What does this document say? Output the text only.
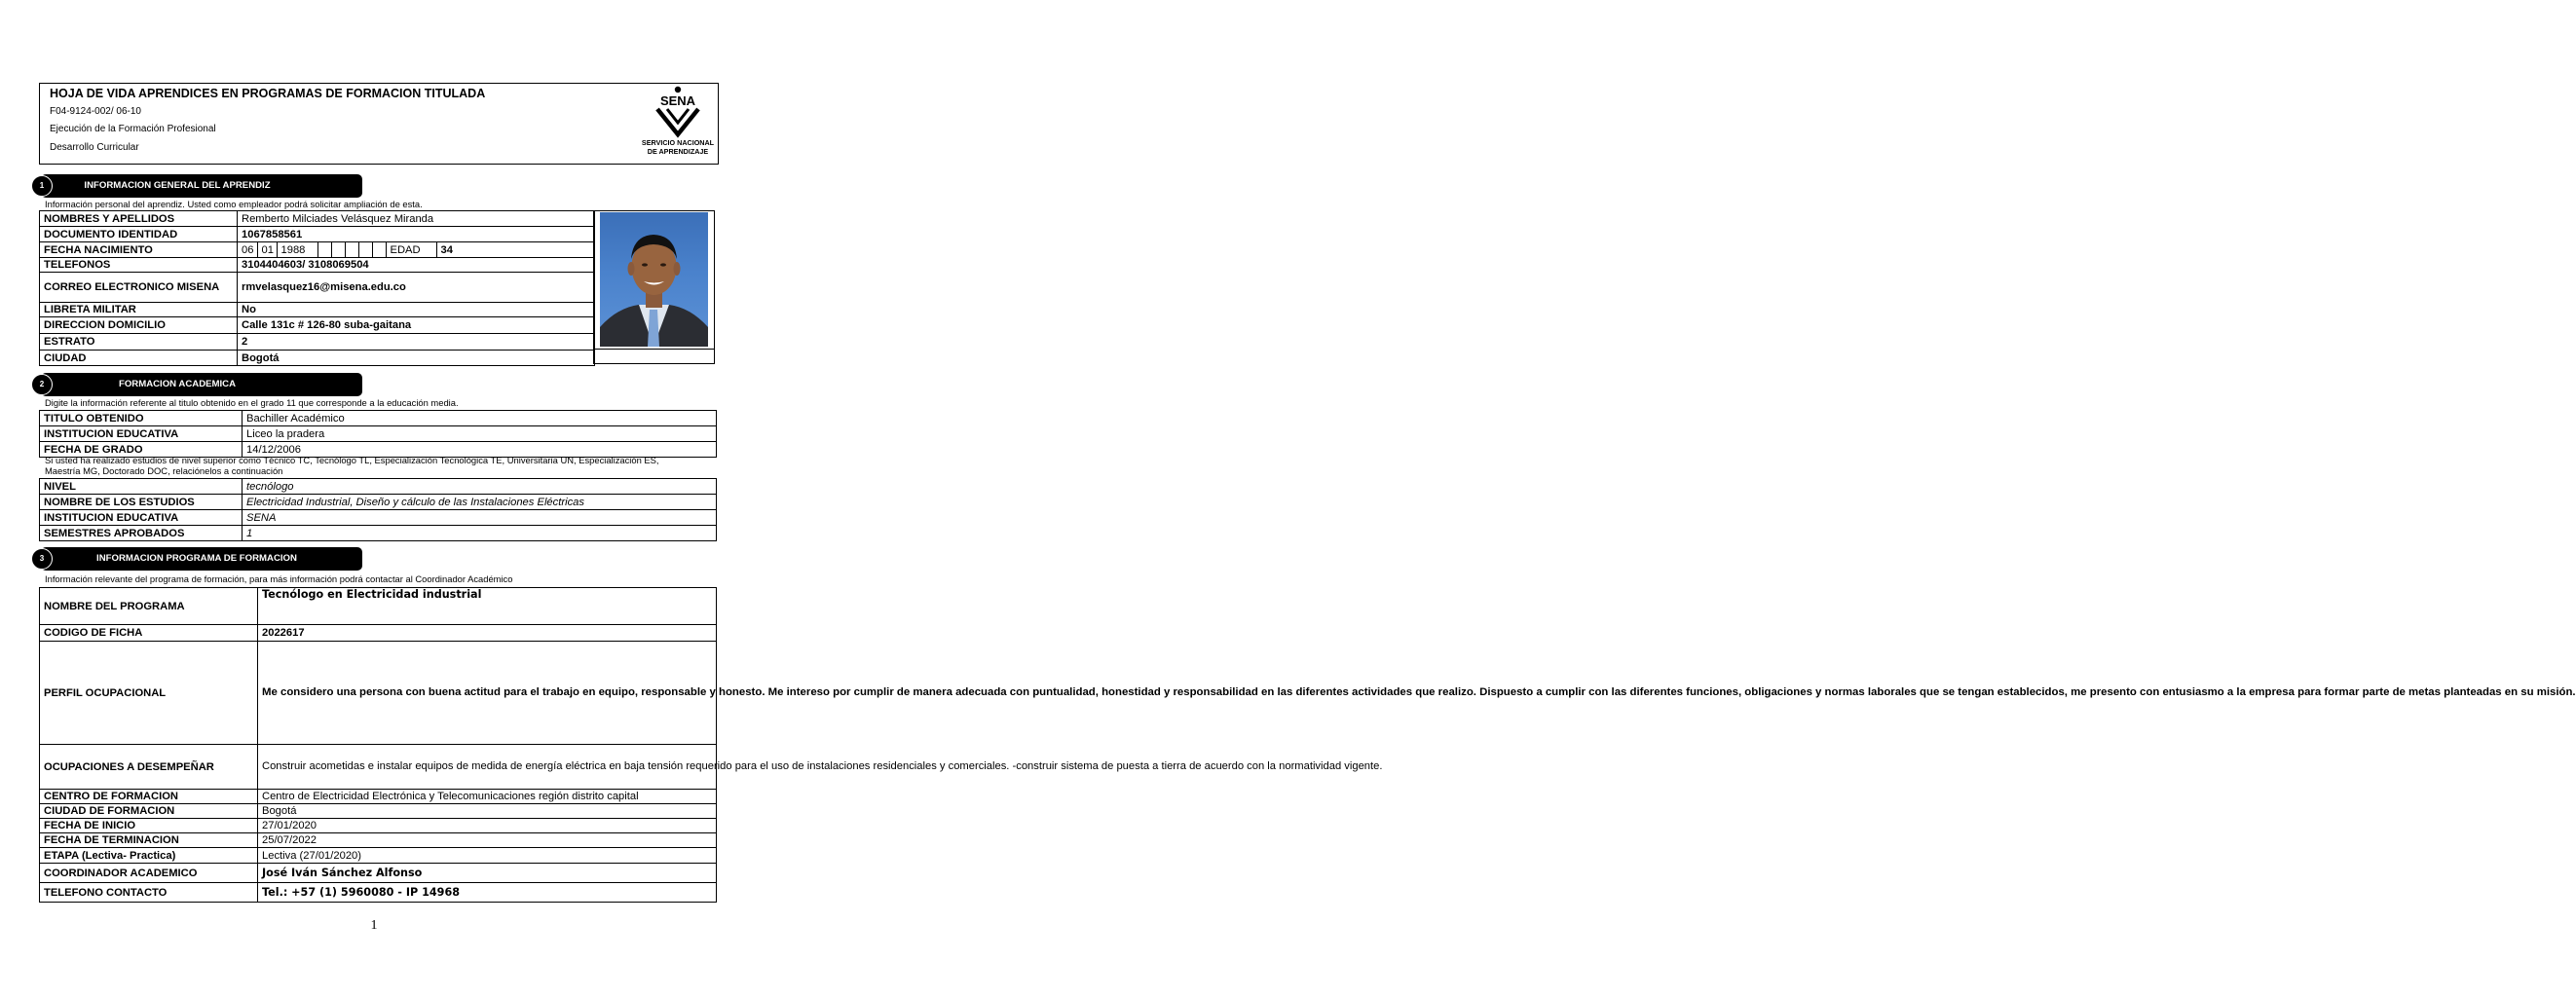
HOJA DE VIDA APRENDICES EN PROGRAMAS DE FORMACION TITULADA
F04-9124-002/ 06-10
Ejecución de la Formación Profesional
Desarrollo Curricular
SENA
SERVICIO NACIONAL
DE APRENDIZAJE
1	INFORMACION GENERAL DEL APRENDIZ
Información personal del aprendiz. Usted como empleador podrá solicitar ampliación de esta.
NOMBRES Y APELLIDOS	Remberto Milciades Velásquez Miranda
DOCUMENTO IDENTIDAD	1067858561
FECHA NACIMIENTO		06	01	1988						EDAD	34

TELEFONOS	3104404603/ 3108069504
CORREO ELECTRONICO MISENA	rmvelasquez16@misena.edu.co
LIBRETA MILITAR	No
DIRECCION DOMICILIO	Calle 131c # 126-80 suba-gaitana
ESTRATO	2
CIUDAD	Bogotá
2	FORMACION ACADEMICA
Digite la información referente al titulo obtenido en el grado 11 que corresponde a la educación media.
TITULO OBTENIDO	Bachiller Académico
INSTITUCION EDUCATIVA	Liceo la pradera
FECHA DE GRADO	14/12/2006
Si usted ha realizado estudios de nivel superior como Técnico TC, Tecnólogo TL, Especialización Tecnológica TE, Universitaria UN, Especialización ES,
Maestría MG, Doctorado DOC, relaciónelos a continuación
NIVEL	tecnólogo
NOMBRE DE LOS ESTUDIOS	Electricidad Industrial, Diseño y cálculo de las Instalaciones Eléctricas
INSTITUCION EDUCATIVA	SENA
SEMESTRES APROBADOS	1
3	INFORMACION PROGRAMA DE FORMACION
Información relevante del programa de formación, para más información podrá contactar al Coordinador Académico
NOMBRE DEL PROGRAMA	Tecnólogo en Electricidad industrial
CODIGO DE FICHA	2022617
PERFIL OCUPACIONAL	Me considero una persona con buena actitud para el trabajo en equipo, responsable y honesto. Me intereso por cumplir de manera adecuada con puntualidad, honestidad y responsabilidad en las diferentes actividades que realizo. Dispuesto a cumplir con las diferentes funciones, obligaciones y normas laborales que se tengan establecidos, me presento con entusiasmo a la empresa para formar parte de metas planteadas en su misión.
OCUPACIONES A DESEMPEÑAR	Construir acometidas e instalar equipos de medida de energía eléctrica en baja tensión requerido para el uso de instalaciones residenciales y comerciales. -construir sistema de puesta a tierra de acuerdo con la normatividad vigente.
CENTRO DE FORMACION	Centro de Electricidad Electrónica y Telecomunicaciones región distrito capital
CIUDAD DE FORMACION	Bogotá
FECHA DE INICIO	27/01/2020
FECHA DE TERMINACION	25/07/2022
ETAPA (Lectiva- Practica)	Lectiva (27/01/2020)
COORDINADOR ACADEMICO	José Iván Sánchez Alfonso
TELEFONO CONTACTO	Tel.: +57 (1) 5960080 - IP 14968
1
